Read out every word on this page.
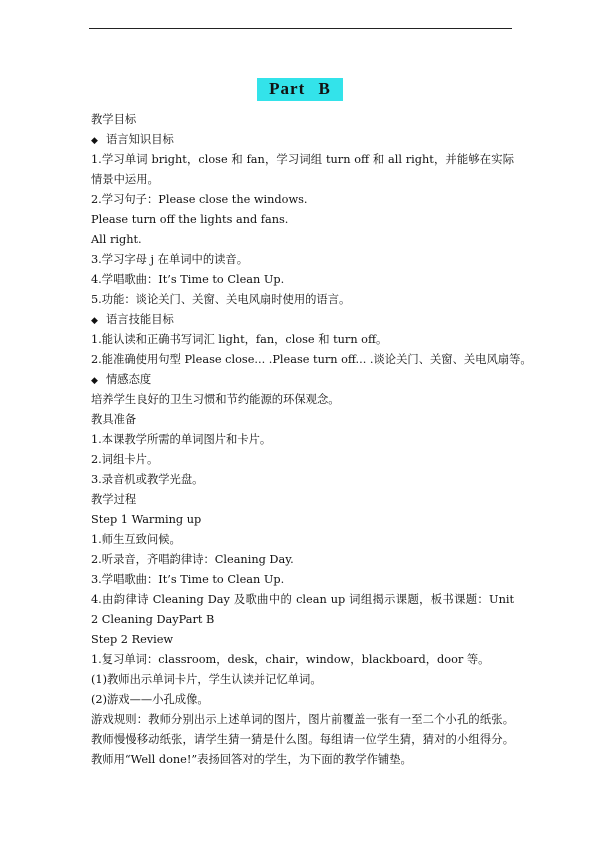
Part B
教学目标
◆ 语言知识目标
1.学习单词 bright，close 和 fan，学习词组 turn off 和 all right，并能够在实际情景中运用。
2.学习句子：Please close the windows.
Please turn off the lights and fans.
All right.
3.学习字母 j 在单词中的读音。
4.学唱歌曲：It’s Time to Clean Up.
5.功能：谈论关门、关窗、关电风扇时使用的语言。
◆ 语言技能目标
1.能认读和正确书写词汇 light，fan，close 和 turn off。
2.能准确使用句型 Please close... .Please turn off... .谈论关门、关窗、关电风扇等。
◆ 情感态度
培养学生良好的卫生习惯和节约能源的环保观念。
教具准备
1.本课教学所需的单词图片和卡片。
2.词组卡片。
3.录音机或教学光盘。
教学过程
Step 1 Warming up
1.师生互致问候。
2.听录音，齐唱韵律诗：Cleaning Day.
3.学唱歌曲：It’s Time to Clean Up.
4.由韵律诗 Cleaning Day 及歌曲中的 clean up 词组揭示课题，板书课题：Unit 2 Cleaning DayPart B
Step 2 Review
1.复习单词：classroom，desk，chair，window，blackboard，door 等。
(1)教师出示单词卡片，学生认读并记忆单词。
(2)游戏——小孔成像。
游戏规则：教师分别出示上述单词的图片，图片前覆盖一张有一至二个小孔的纸张。教师慢慢移动纸张，请学生猜一猜是什么图。每组请一位学生猜，猜对的小组得分。教师用“Well done!”表扬回答对的学生，为下面的教学作铺垫。
